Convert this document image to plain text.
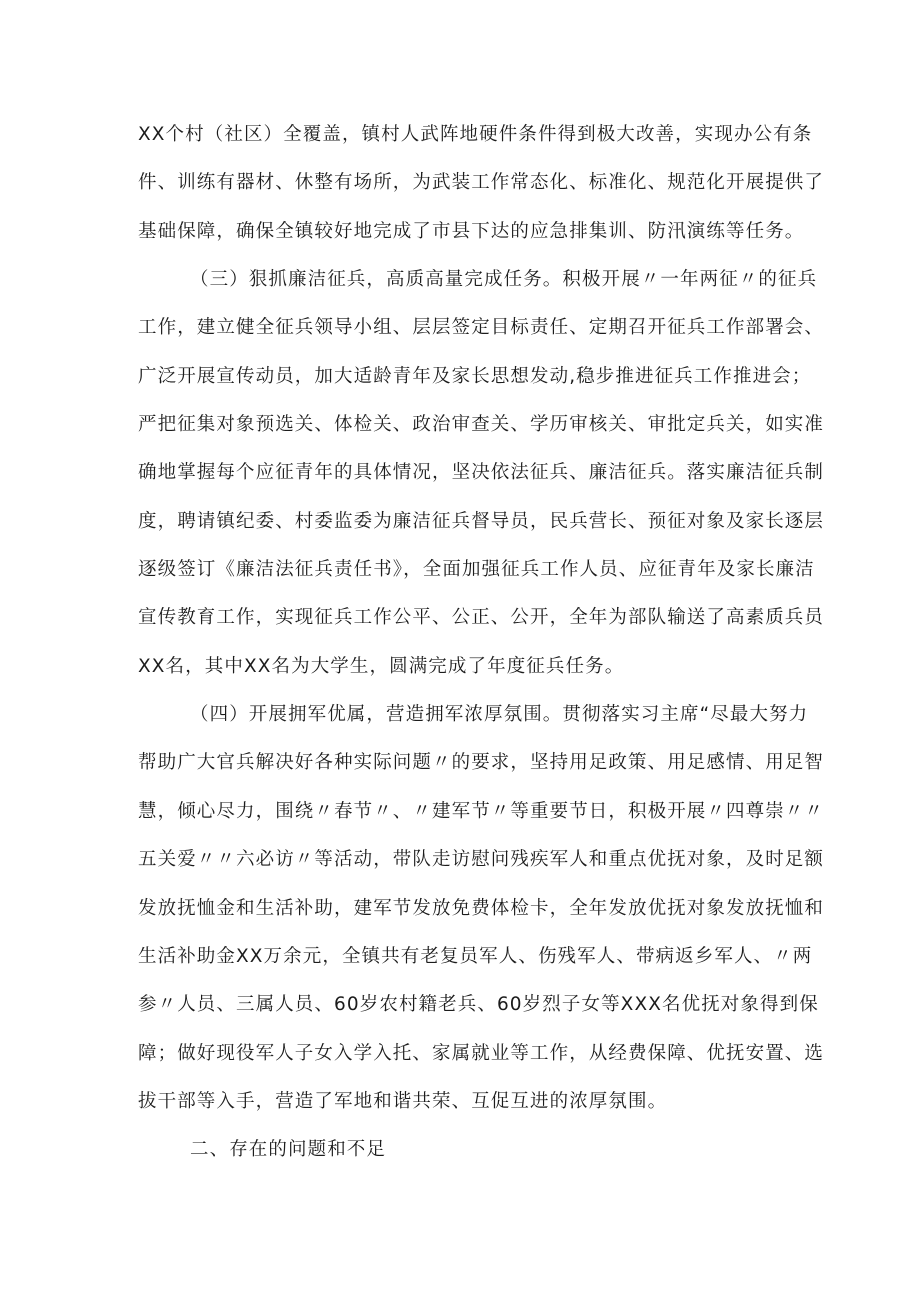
XX个村（社区）全覆盖，镇村人武阵地硬件条件得到极大改善，实现办公有条
件、训练有器材、休整有场所，为武装工作常态化、标准化、规范化开展提供了
基础保障，确保全镇较好地完成了市县下达的应急排集训、防汛演练等任务。
（三）狠抓廉洁征兵，高质高量完成任务。积极开展〃一年两征〃的征兵
工作，建立健全征兵领导小组、层层签定目标责任、定期召开征兵工作部署会、
广泛开展宣传动员，加大适龄青年及家长思想发动,稳步推进征兵工作推进会；
严把征集对象预选关、体检关、政治审查关、学历审核关、审批定兵关，如实准
确地掌握每个应征青年的具体情况，坚决依法征兵、廉洁征兵。落实廉洁征兵制
度，聘请镇纪委、村委监委为廉洁征兵督导员，民兵营长、预征对象及家长逐层
逐级签订《廉洁法征兵责任书》，全面加强征兵工作人员、应征青年及家长廉洁
宣传教育工作，实现征兵工作公平、公正、公开，全年为部队输送了高素质兵员
XX名，其中XX名为大学生，圆满完成了年度征兵任务。
（四）开展拥军优属，营造拥军浓厚氛围。贯彻落实习主席“尽最大努力
帮助广大官兵解决好各种实际问题〃的要求，坚持用足政策、用足感情、用足智
慧，倾心尽力，围绕〃春节〃、〃建军节〃等重要节日，积极开展〃四尊崇〃〃
五关爱〃〃六必访〃等活动，带队走访慰问残疾军人和重点优抚对象，及时足额
发放抚恤金和生活补助，建军节发放免费体检卡，全年发放优抚对象发放抚恤和
生活补助金XX万余元，全镇共有老复员军人、伤残军人、带病返乡军人、〃两
参〃人员、三属人员、60岁农村籍老兵、60岁烈子女等XXX名优抚对象得到保
障；做好现役军人子女入学入托、家属就业等工作，从经费保障、优抚安置、选
拔干部等入手，营造了军地和谐共荣、互促互进的浓厚氛围。
二、存在的问题和不足
